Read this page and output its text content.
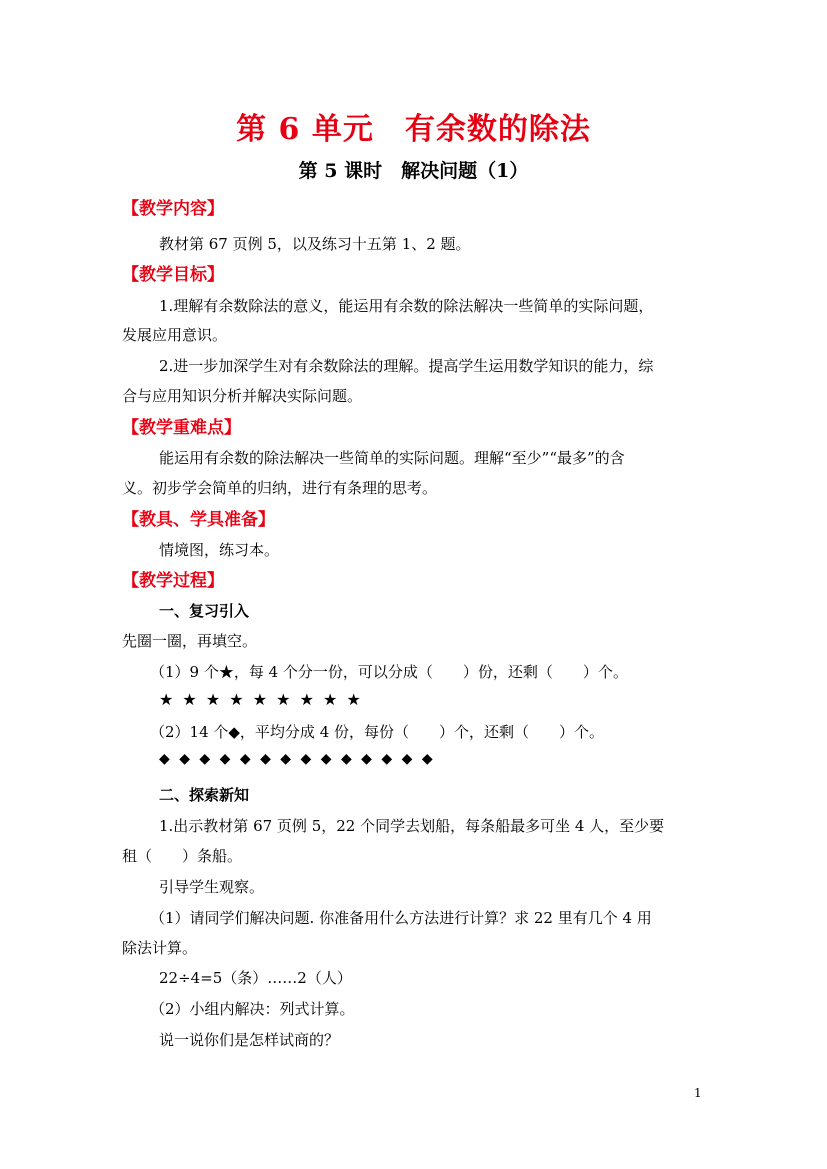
第 6 单元　有余数的除法
第 5 课时　解决问题（1）
【教学内容】
教材第 67 页例 5，以及练习十五第 1、2 题。
【教学目标】
1.理解有余数除法的意义，能运用有余数的除法解决一些简单的实际问题，
发展应用意识。
2.进一步加深学生对有余数除法的理解。提高学生运用数学知识的能力，综
合与应用知识分析并解决实际问题。
【教学重难点】
能运用有余数的除法解决一些简单的实际问题。理解“至少”“最多”的含
义。初步学会简单的归纳，进行有条理的思考。
【教具、学具准备】
情境图，练习本。
【教学过程】
一、复习引入
先圈一圈，再填空。
（1）9 个★，每 4 个分一份，可以分成（　　）份，还剩（　　）个。
★ ★ ★ ★ ★ ★ ★ ★ ★
（2）14 个◆，平均分成 4 份，每份（　　）个，还剩（　　）个。
◆ ◆ ◆ ◆ ◆ ◆ ◆ ◆ ◆ ◆ ◆ ◆ ◆ ◆
二、探索新知
1.出示教材第 67 页例 5，22 个同学去划船，每条船最多可坐 4 人，至少要
租（　　）条船。
引导学生观察。
（1）请同学们解决问题. 你准备用什么方法进行计算？求 22 里有几个 4 用
除法计算。
22÷4=5（条）……2（人）
（2）小组内解决：列式计算。
说一说你们是怎样试商的？
1
